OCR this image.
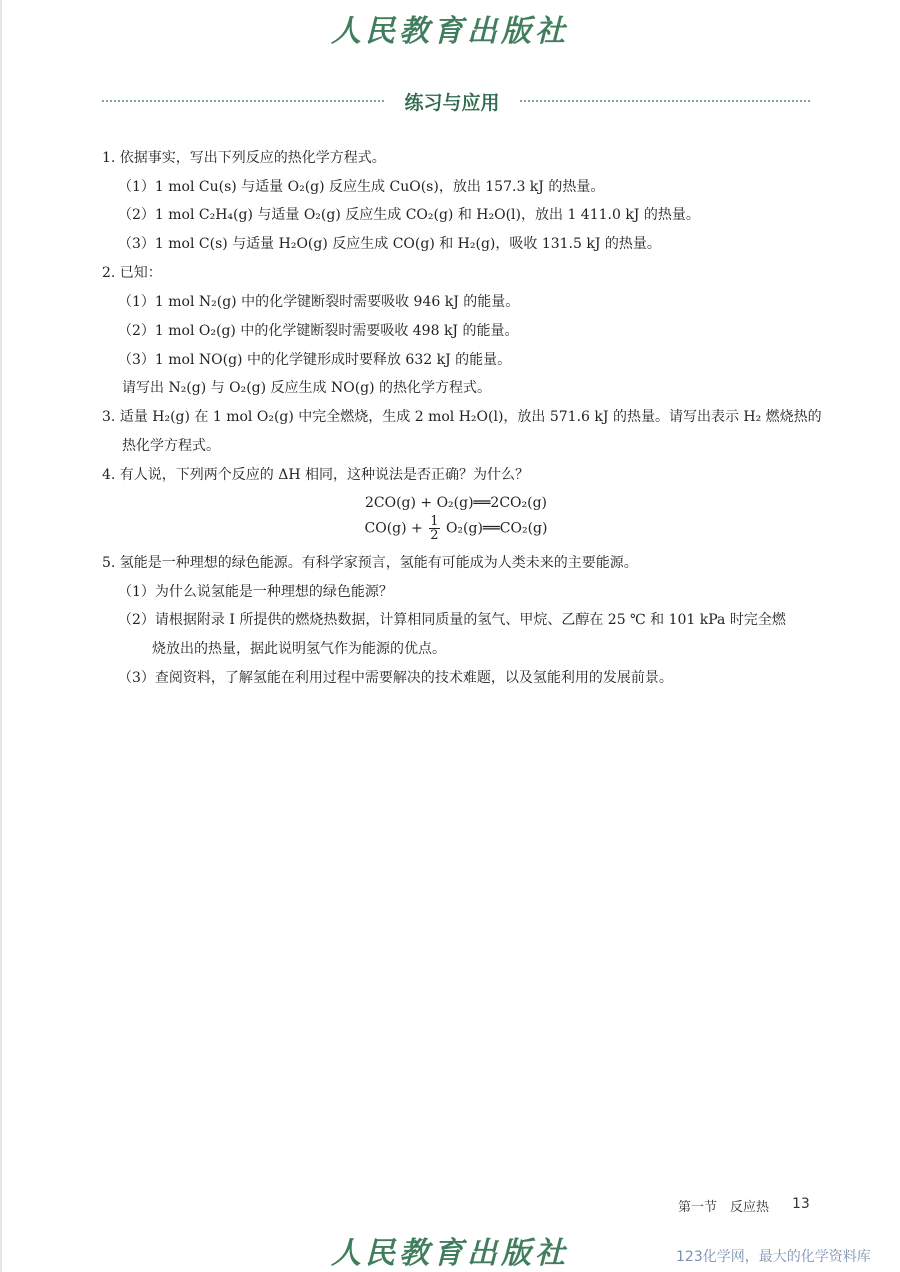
人民教育出版社
练习与应用
1. 依据事实，写出下列反应的热化学方程式。
（1）1 mol Cu(s) 与适量 O₂(g) 反应生成 CuO(s)，放出 157.3 kJ 的热量。
（2）1 mol C₂H₄(g) 与适量 O₂(g) 反应生成 CO₂(g) 和 H₂O(l)，放出 1 411.0 kJ 的热量。
（3）1 mol C(s) 与适量 H₂O(g) 反应生成 CO(g) 和 H₂(g)，吸收 131.5 kJ 的热量。
2. 已知：
（1）1 mol N₂(g) 中的化学键断裂时需要吸收 946 kJ 的能量。
（2）1 mol O₂(g) 中的化学键断裂时需要吸收 498 kJ 的能量。
（3）1 mol NO(g) 中的化学键形成时要释放 632 kJ 的能量。
请写出 N₂(g) 与 O₂(g) 反应生成 NO(g) 的热化学方程式。
3. 适量 H₂(g) 在 1 mol O₂(g) 中完全燃烧，生成 2 mol H₂O(l)，放出 571.6 kJ 的热量。请写出表示 H₂ 燃烧热的
热化学方程式。
4. 有人说，下列两个反应的 ΔH 相同，这种说法是否正确？为什么？
2CO(g) + O₂(g)══2CO₂(g)
$CO(g) + \frac{1}{2}$ O₂(g)══CO₂(g)
5. 氢能是一种理想的绿色能源。有科学家预言，氢能有可能成为人类未来的主要能源。
（1）为什么说氢能是一种理想的绿色能源？
（2）请根据附录 Ⅰ 所提供的燃烧热数据，计算相同质量的氢气、甲烷、乙醇在 25 ℃ 和 101 kPa 时完全燃
烧放出的热量，据此说明氢气作为能源的优点。
（3）查阅资料，了解氢能在利用过程中需要解决的技术难题，以及氢能利用的发展前景。
第一节　反应热 13
人民教育出版社	123化学网，最大的化学资料库
